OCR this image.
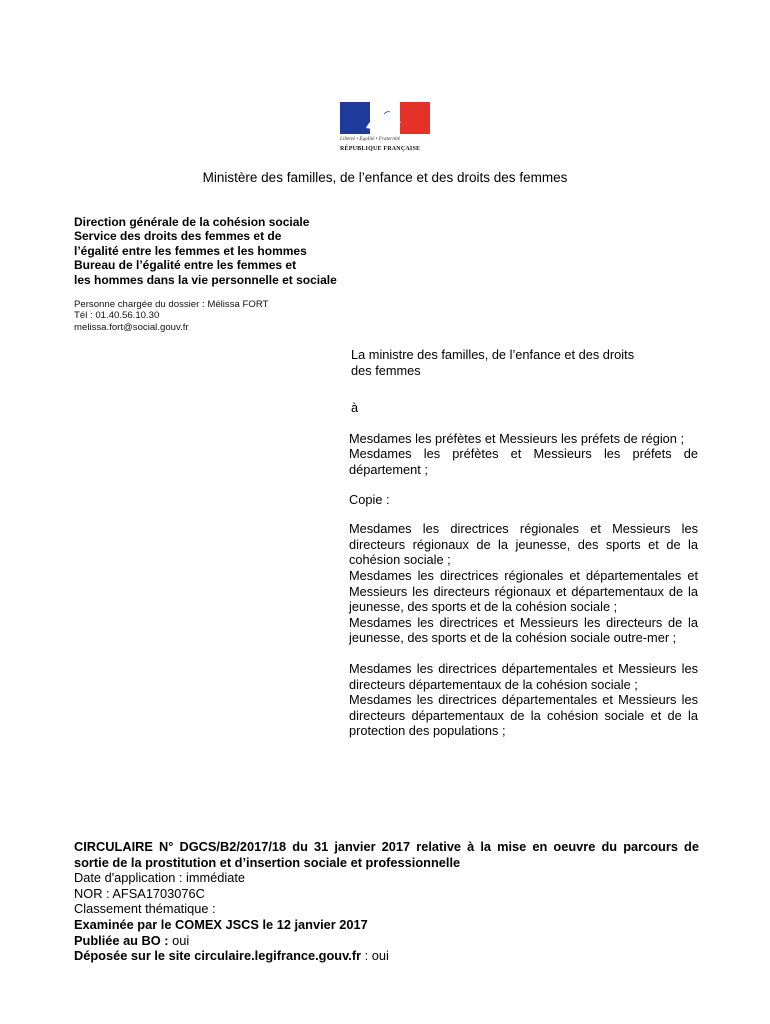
Liberté • Égalité • Fraternité
RÉPUBLIQUE FRANÇAISE
Ministère des familles, de l’enfance et des droits des femmes
Direction générale de la cohésion sociale
Service des droits des femmes et de
l’égalité entre les femmes et les hommes
Bureau de l’égalité entre les femmes et
les hommes dans la vie personnelle et sociale
Personne chargée du dossier : Mélissa FORT
Tél : 01.40.56.10.30
melissa.fort@social.gouv.fr

La ministre des familles, de l’enfance et des droits

des femmes

à

Mesdames les préfètes et Messieurs les préfets de région ;

Mesdames les préfètes et Messieurs les préfets de département ;

Copie :

Mesdames les directrices régionales et Messieurs les directeurs régionaux de la jeunesse, des sports et de la cohésion sociale ;

Mesdames les directrices régionales et départementales et Messieurs les directeurs régionaux et départementaux de la jeunesse, des sports et de la cohésion sociale ;

Mesdames les directrices et Messieurs les directeurs de la jeunesse, des sports et de la cohésion sociale outre-mer ;

Mesdames les directrices départementales et Messieurs les directeurs départementaux de la cohésion sociale ;

Mesdames les directrices départementales et Messieurs les directeurs départementaux de la cohésion sociale et de la protection des populations ;

CIRCULAIRE N° DGCS/B2/2017/18 du 31 janvier 2017 relative à la mise en oeuvre du parcours de sortie de la prostitution et d’insertion sociale et professionnelle

Date d'application : immédiate

NOR : AFSA1703076C

Classement thématique :

Examinée par le COMEX JSCS le 12 janvier 2017

Publiée au BO : oui

Déposée sur le site circulaire.legifrance.gouv.fr : oui
